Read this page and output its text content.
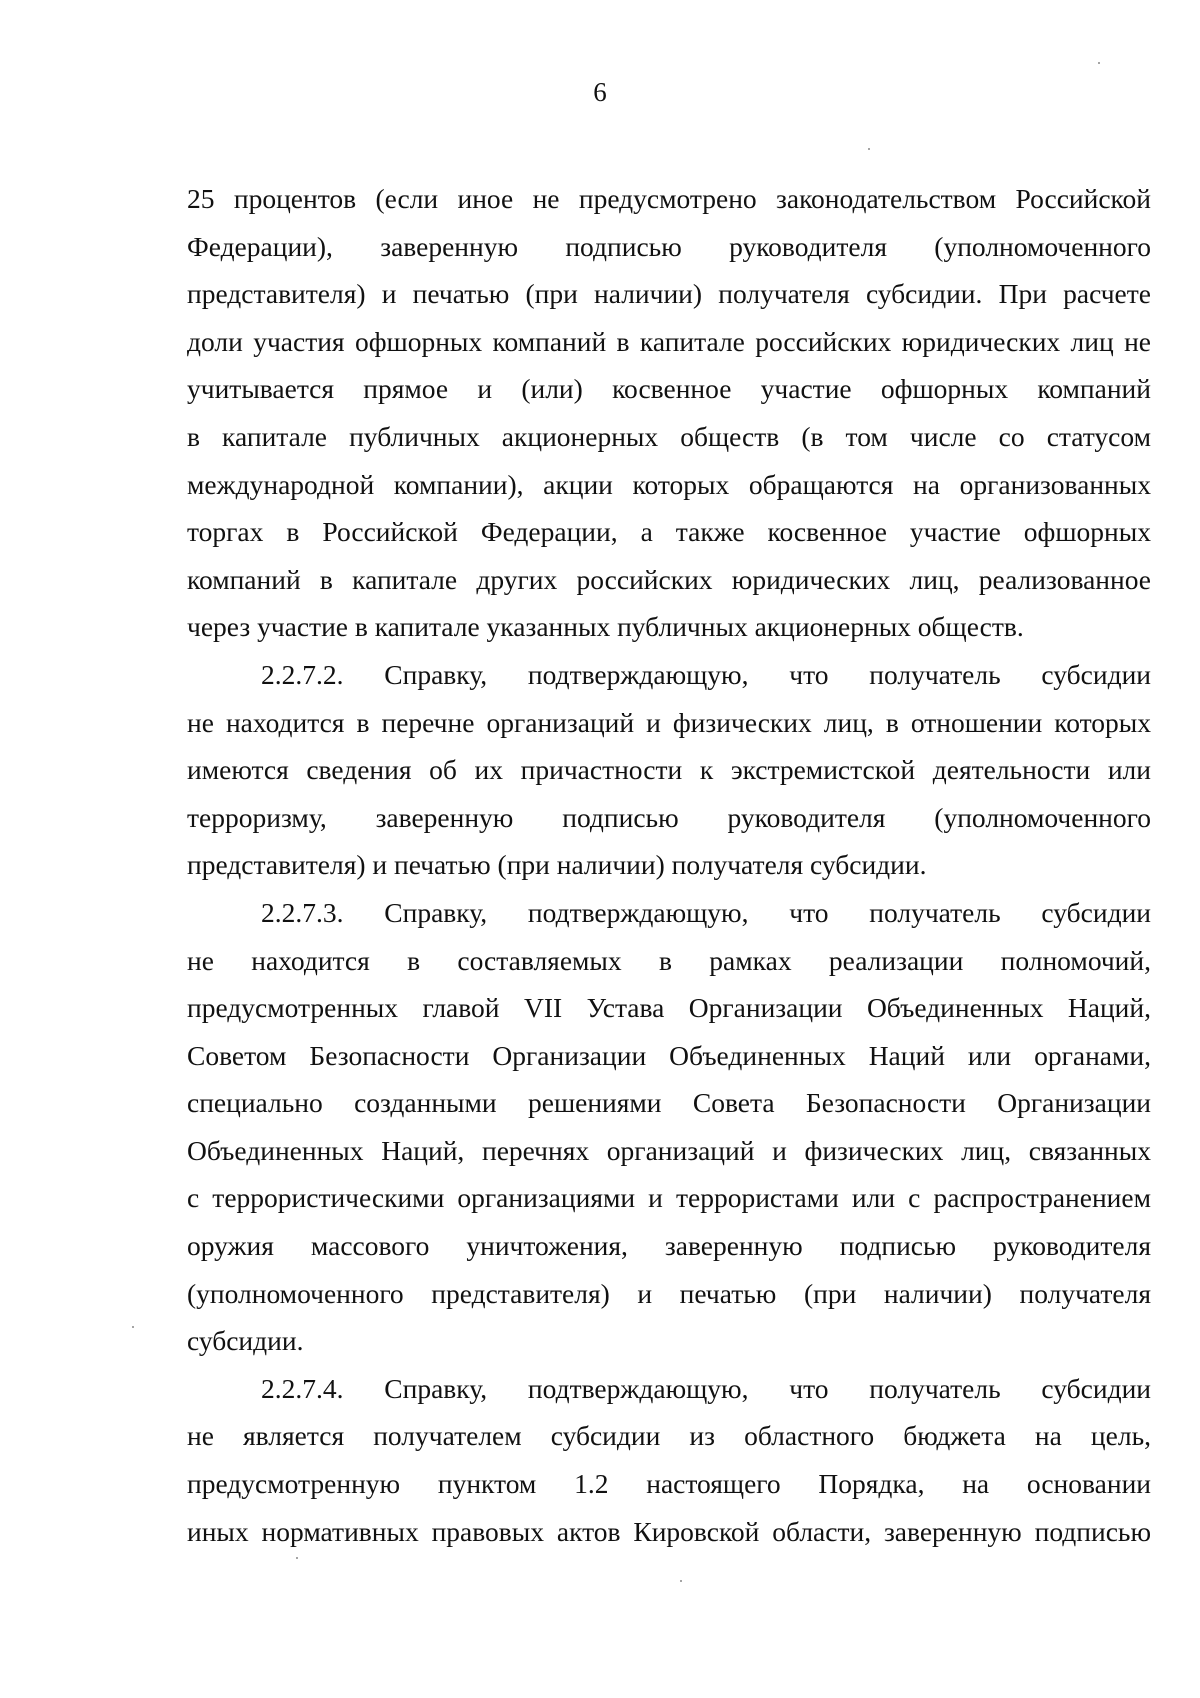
6
25 процентов (если иное не предусмотрено законодательством Российской
Федерации), заверенную подписью руководителя (уполномоченного
представителя) и печатью (при наличии) получателя субсидии. При расчете
доли участия офшорных компаний в капитале российских юридических лиц не
учитывается прямое и (или) косвенное участие офшорных компаний
в капитале публичных акционерных обществ (в том числе со статусом
международной компании), акции которых обращаются на организованных
торгах в Российской Федерации, а также косвенное участие офшорных
компаний в капитале других российских юридических лиц, реализованное
через участие в капитале указанных публичных акционерных обществ.
2.2.7.2. Справку, подтверждающую, что получатель субсидии
не находится в перечне организаций и физических лиц, в отношении которых
имеются сведения об их причастности к экстремистской деятельности или
терроризму, заверенную подписью руководителя (уполномоченного
представителя) и печатью (при наличии) получателя субсидии.
2.2.7.3. Справку, подтверждающую, что получатель субсидии
не находится в составляемых в рамках реализации полномочий,
предусмотренных главой VII Устава Организации Объединенных Наций,
Советом Безопасности Организации Объединенных Наций или органами,
специально созданными решениями Совета Безопасности Организации
Объединенных Наций, перечнях организаций и физических лиц, связанных
с террористическими организациями и террористами или с распространением
оружия массового уничтожения, заверенную подписью руководителя
(уполномоченного представителя) и печатью (при наличии) получателя
субсидии.
2.2.7.4. Справку, подтверждающую, что получатель субсидии
не является получателем субсидии из областного бюджета на цель,
предусмотренную пунктом 1.2 настоящего Порядка, на основании
иных нормативных правовых актов Кировской области, заверенную подписью
